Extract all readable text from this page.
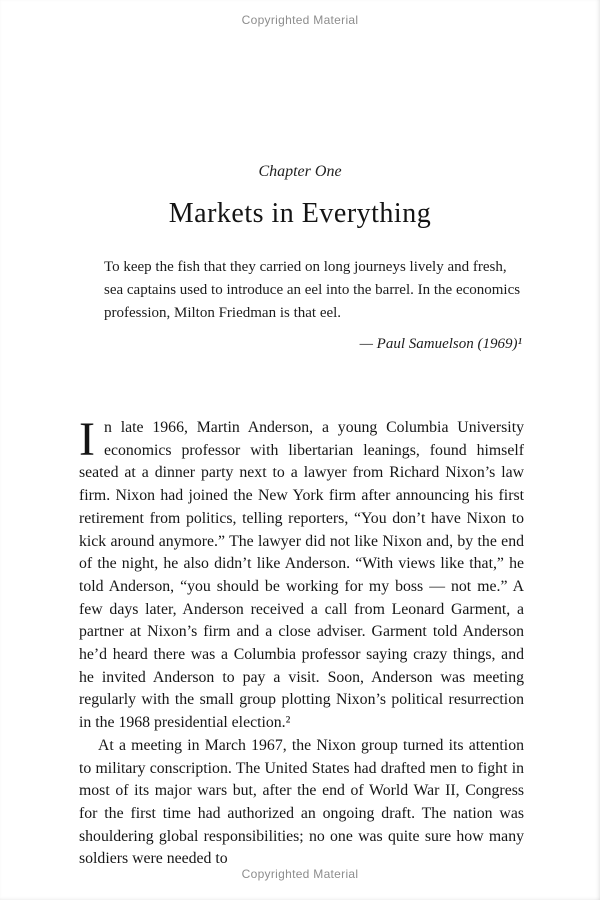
Copyrighted Material
Chapter One
Markets in Everything
To keep the fish that they carried on long journeys lively and fresh, sea captains used to introduce an eel into the barrel. In the economics profession, Milton Friedman is that eel.
— Paul Samuelson (1969)¹

In late 1966, Martin Anderson, a young Columbia University economics professor with libertarian leanings, found himself seated at a dinner party next to a lawyer from Richard Nixon’s law firm. Nixon had joined the New York firm after announcing his first retirement from politics, telling reporters, “You don’t have Nixon to kick around anymore.” The lawyer did not like Nixon and, by the end of the night, he also didn’t like Anderson. “With views like that,” he told Anderson, “you should be working for my boss — not me.” A few days later, Anderson received a call from Leonard Garment, a partner at Nixon’s firm and a close adviser. Garment told Anderson he’d heard there was a Columbia professor saying crazy things, and he invited Anderson to pay a visit. Soon, Anderson was meeting regularly with the small group plotting Nixon’s political resurrection in the 1968 presidential election.²

At a meeting in March 1967, the Nixon group turned its attention to military conscription. The United States had drafted men to fight in most of its major wars but, after the end of World War II, Congress for the first time had authorized an ongoing draft. The nation was shouldering global responsibilities; no one was quite sure how many soldiers were needed to

Copyrighted Material
